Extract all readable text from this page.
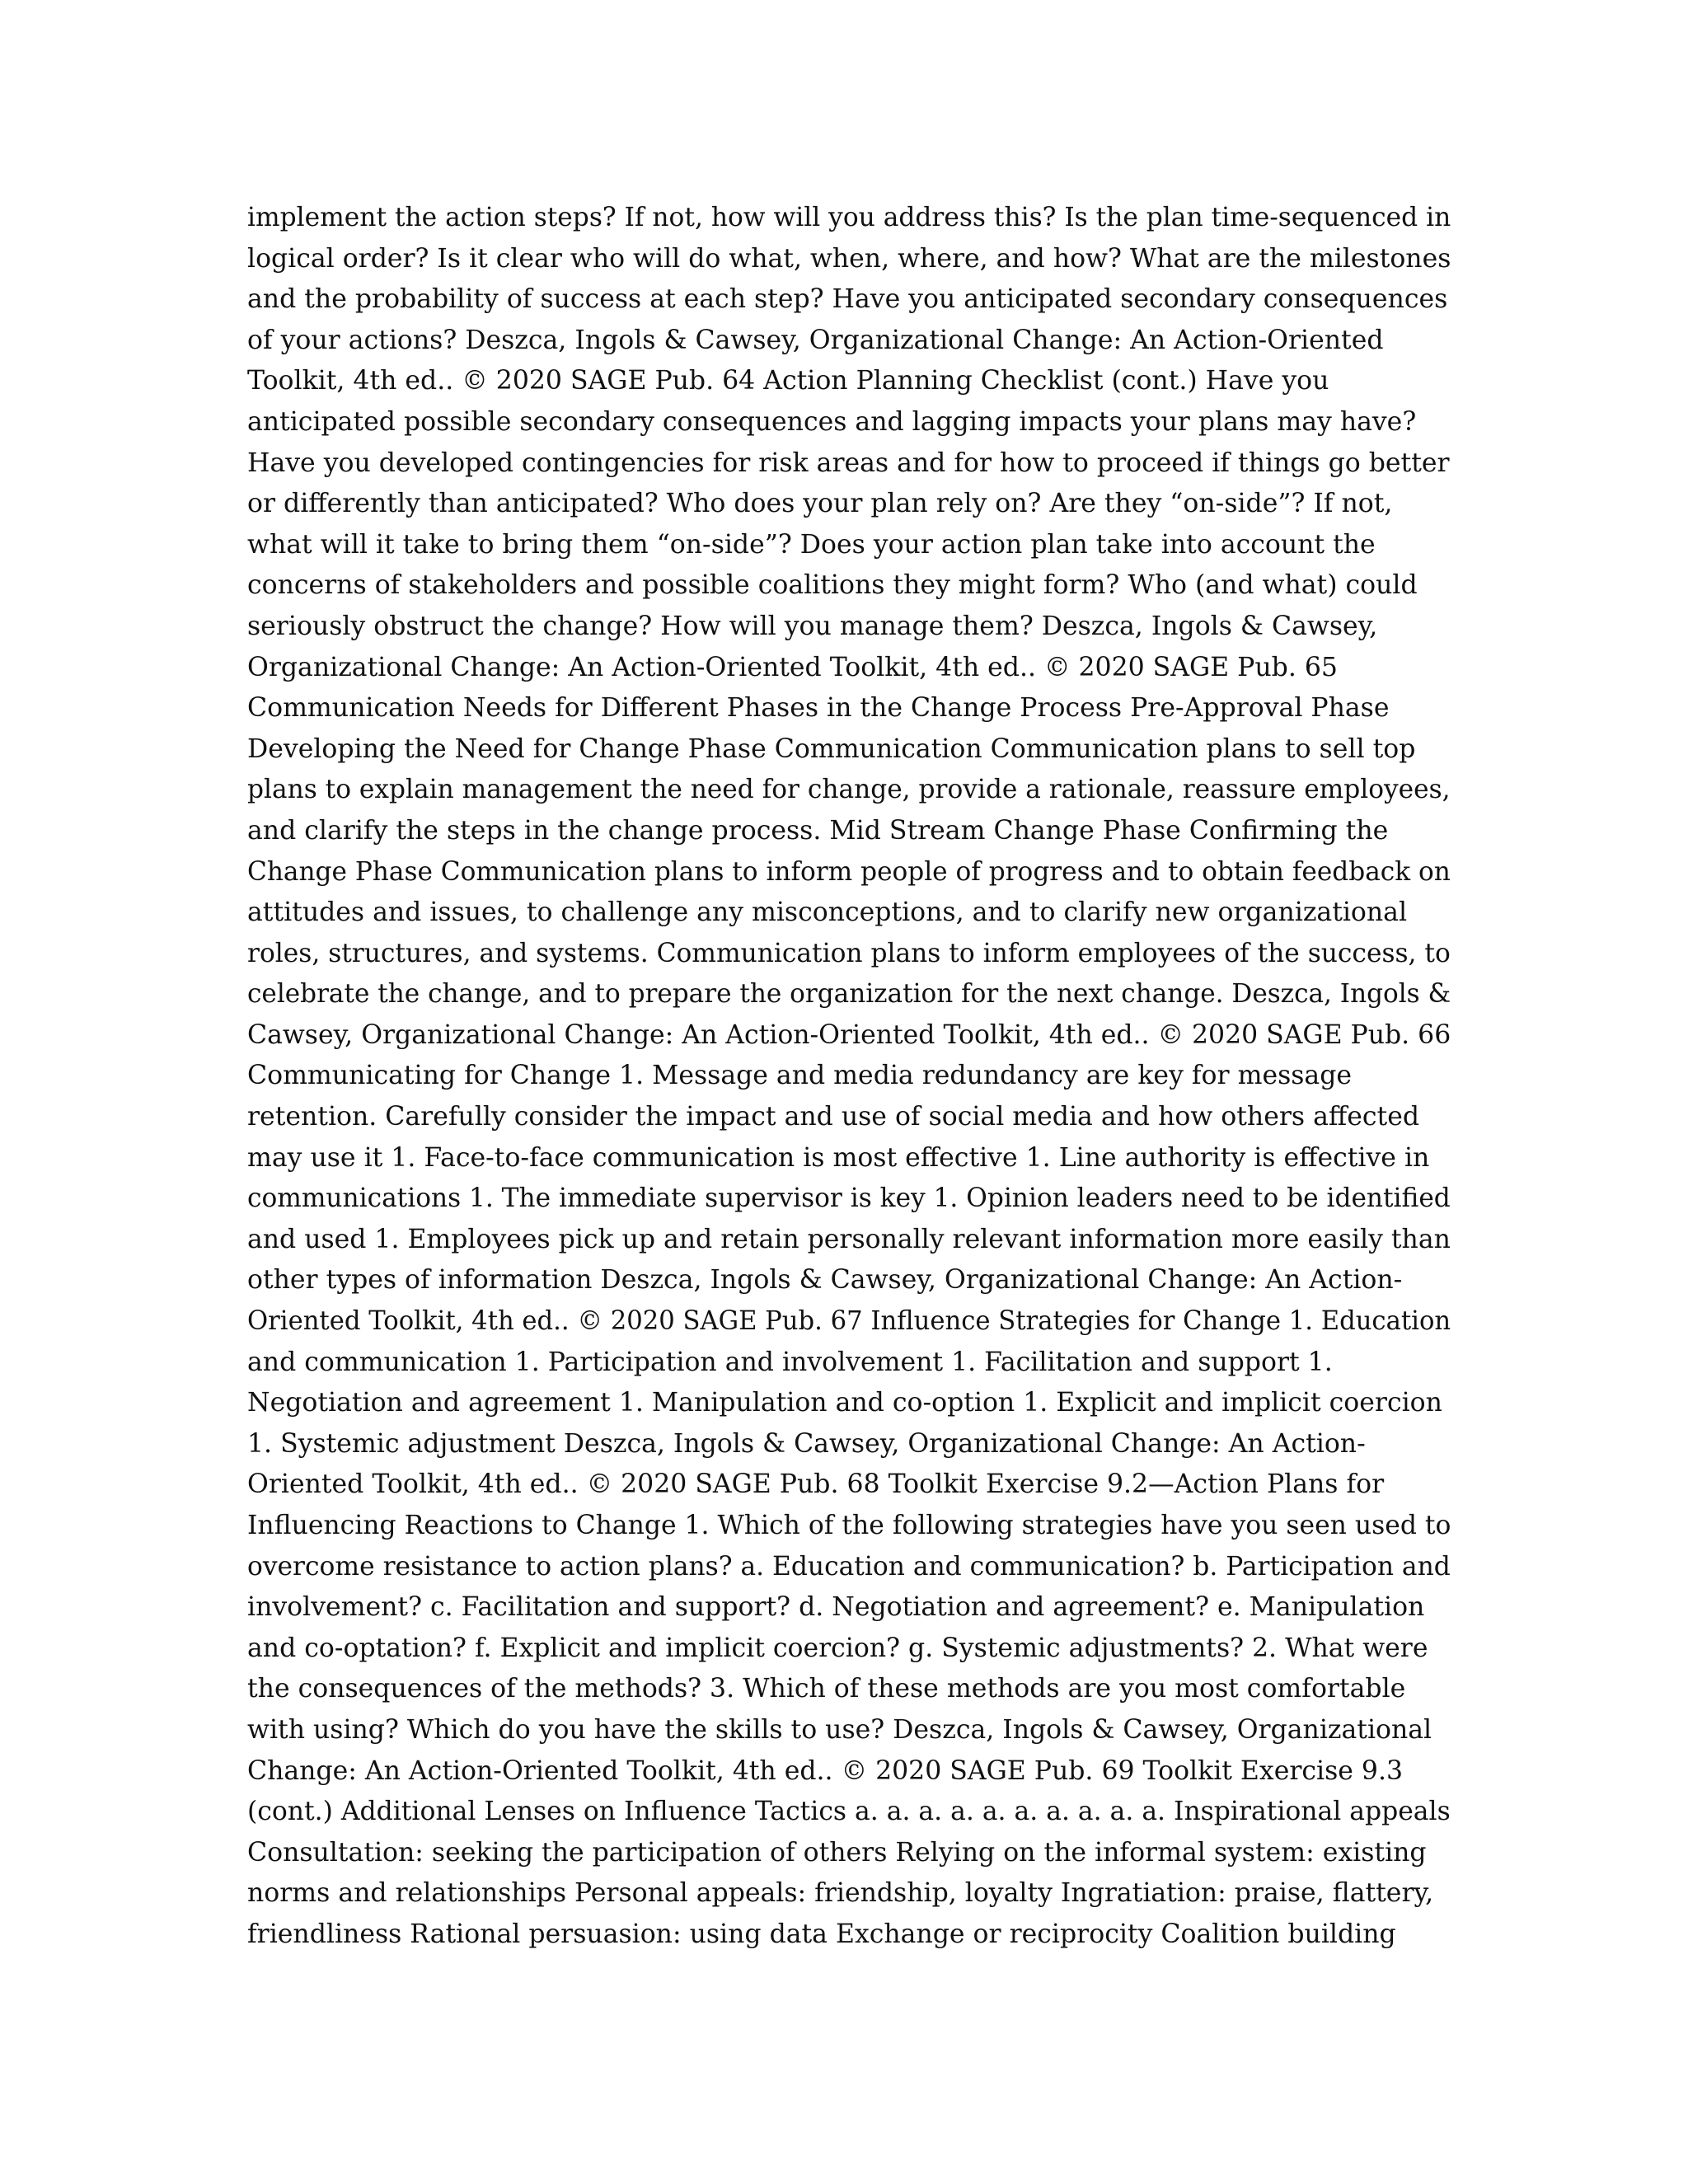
implement the action steps? If not, how will you address this? Is the plan time-sequenced in
logical order? Is it clear who will do what, when, where, and how? What are the milestones
and the probability of success at each step? Have you anticipated secondary consequences
of your actions? Deszca, Ingols & Cawsey, Organizational Change: An Action-Oriented
Toolkit, 4th ed.. © 2020 SAGE Pub. 64 Action Planning Checklist (cont.) Have you
anticipated possible secondary consequences and lagging impacts your plans may have?
Have you developed contingencies for risk areas and for how to proceed if things go better
or differently than anticipated? Who does your plan rely on? Are they “on-side”? If not,
what will it take to bring them “on-side”? Does your action plan take into account the
concerns of stakeholders and possible coalitions they might form? Who (and what) could
seriously obstruct the change? How will you manage them? Deszca, Ingols & Cawsey,
Organizational Change: An Action-Oriented Toolkit, 4th ed.. © 2020 SAGE Pub. 65
Communication Needs for Different Phases in the Change Process Pre-Approval Phase
Developing the Need for Change Phase Communication Communication plans to sell top
plans to explain management the need for change, provide a rationale, reassure employees,
and clarify the steps in the change process. Mid Stream Change Phase Confirming the
Change Phase Communication plans to inform people of progress and to obtain feedback on
attitudes and issues, to challenge any misconceptions, and to clarify new organizational
roles, structures, and systems. Communication plans to inform employees of the success, to
celebrate the change, and to prepare the organization for the next change. Deszca, Ingols &
Cawsey, Organizational Change: An Action-Oriented Toolkit, 4th ed.. © 2020 SAGE Pub. 66
Communicating for Change 1. Message and media redundancy are key for message
retention. Carefully consider the impact and use of social media and how others affected
may use it 1. Face-to-face communication is most effective 1. Line authority is effective in
communications 1. The immediate supervisor is key 1. Opinion leaders need to be identified
and used 1. Employees pick up and retain personally relevant information more easily than
other types of information Deszca, Ingols & Cawsey, Organizational Change: An Action-
Oriented Toolkit, 4th ed.. © 2020 SAGE Pub. 67 Influence Strategies for Change 1. Education
and communication 1. Participation and involvement 1. Facilitation and support 1.
Negotiation and agreement 1. Manipulation and co-option 1. Explicit and implicit coercion
1. Systemic adjustment Deszca, Ingols & Cawsey, Organizational Change: An Action-
Oriented Toolkit, 4th ed.. © 2020 SAGE Pub. 68 Toolkit Exercise 9.2—Action Plans for
Influencing Reactions to Change 1. Which of the following strategies have you seen used to
overcome resistance to action plans? a. Education and communication? b. Participation and
involvement? c. Facilitation and support? d. Negotiation and agreement? e. Manipulation
and co-optation? f. Explicit and implicit coercion? g. Systemic adjustments? 2. What were
the consequences of the methods? 3. Which of these methods are you most comfortable
with using? Which do you have the skills to use? Deszca, Ingols & Cawsey, Organizational
Change: An Action-Oriented Toolkit, 4th ed.. © 2020 SAGE Pub. 69 Toolkit Exercise 9.3
(cont.) Additional Lenses on Influence Tactics a. a. a. a. a. a. a. a. a. a. Inspirational appeals
Consultation: seeking the participation of others Relying on the informal system: existing
norms and relationships Personal appeals: friendship, loyalty Ingratiation: praise, flattery,
friendliness Rational persuasion: using data Exchange or reciprocity Coalition building
